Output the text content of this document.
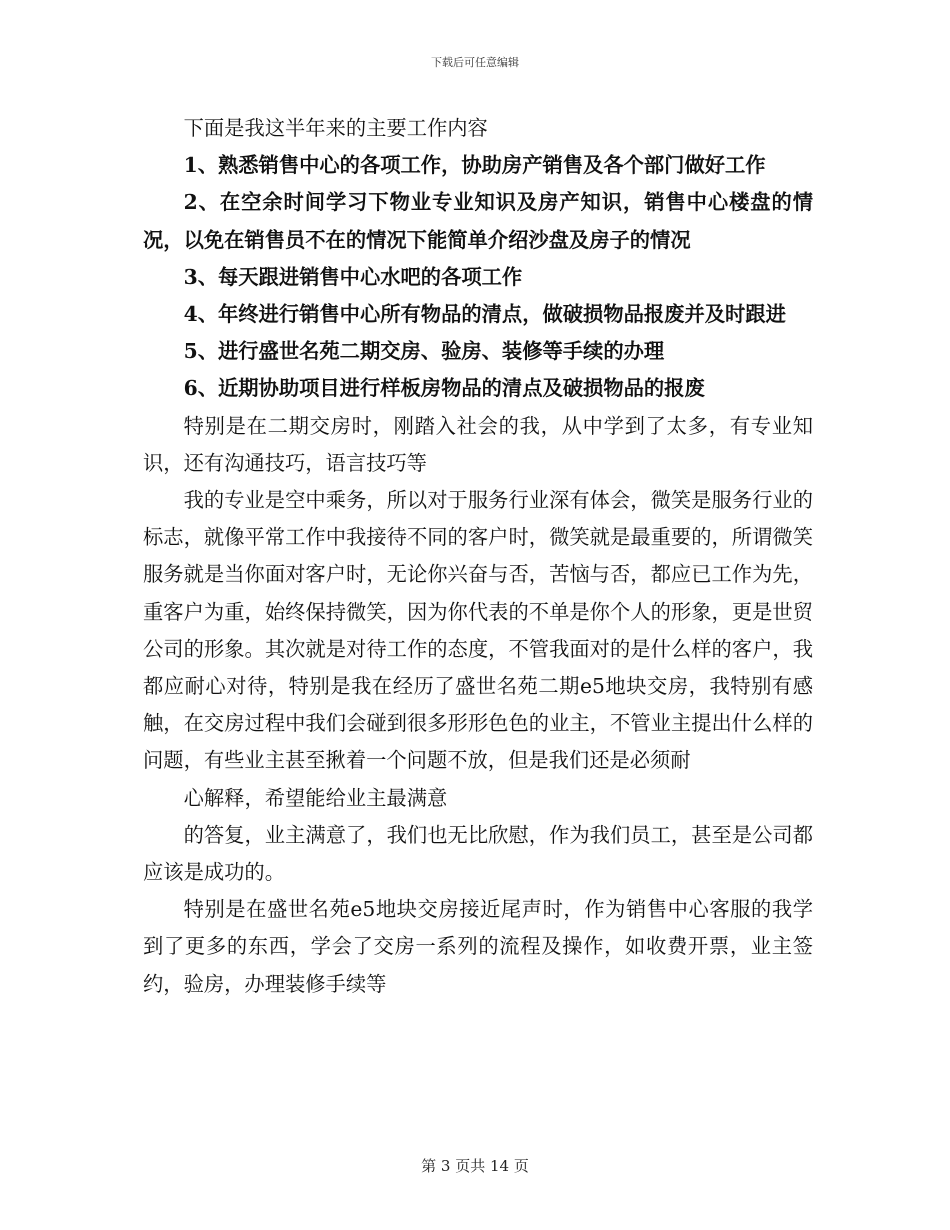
下载后可任意编辑

下面是我这半年来的主要工作内容

1、熟悉销售中心的各项工作，协助房产销售及各个部门做好工作

2、在空余时间学习下物业专业知识及房产知识，销售中心楼盘的情况，以免在销售员不在的情况下能简单介绍沙盘及房子的情况

3、每天跟进销售中心水吧的各项工作

4、年终进行销售中心所有物品的清点，做破损物品报废并及时跟进

5、进行盛世名苑二期交房、验房、装修等手续的办理

6、近期协助项目进行样板房物品的清点及破损物品的报废

特别是在二期交房时，刚踏入社会的我，从中学到了太多，有专业知识，还有沟通技巧，语言技巧等

我的专业是空中乘务，所以对于服务行业深有体会，微笑是服务行业的标志，就像平常工作中我接待不同的客户时，微笑就是最重要的，所谓微笑服务就是当你面对客户时，无论你兴奋与否，苦恼与否，都应已工作为先，重客户为重，始终保持微笑，因为你代表的不单是你个人的形象，更是世贸公司的形象。其次就是对待工作的态度，不管我面对的是什么样的客户，我都应耐心对待，特别是我在经历了盛世名苑二期e5地块交房，我特别有感触，在交房过程中我们会碰到很多形形色色的业主，不管业主提出什么样的问题，有些业主甚至揪着一个问题不放，但是我们还是必须耐

心解释，希望能给业主最满意

的答复，业主满意了，我们也无比欣慰，作为我们员工，甚至是公司都应该是成功的。

特别是在盛世名苑e5地块交房接近尾声时，作为销售中心客服的我学到了更多的东西，学会了交房一系列的流程及操作，如收费开票，业主签约，验房，办理装修手续等

第 3 页共 14 页
